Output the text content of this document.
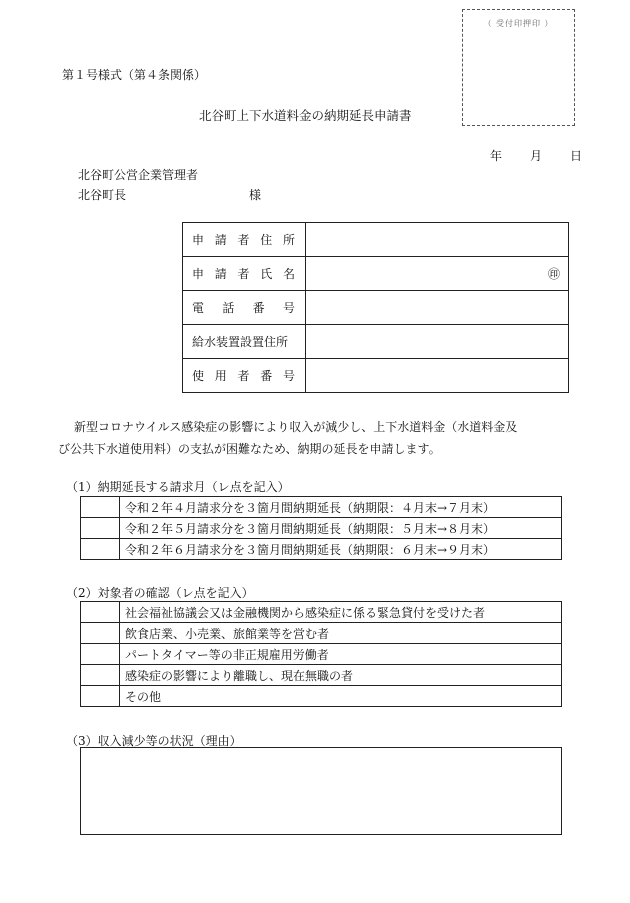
（ 受付印押印 ）
第１号様式（第４条関係）
北谷町上下水道料金の納期延長申請書
年 月 日
北谷町公営企業管理者
北谷町長	様
申 請 者 住 所	

申 請 者 氏 名	㊞

電 話 番 号	

給水装置設置住所	

使 用 者 番 号	

　新型コロナウイルス感染症の影響により収入が減少し、上下水道料金（水道料金及

び公共下水道使用料）の支払が困難なため、納期の延長を申請します。

（1）納期延長する請求月（レ点を記入）
	令和２年４月請求分を３箇月間納期延長（納期限：４月末→７月末）
	令和２年５月請求分を３箇月間納期延長（納期限：５月末→８月末）
	令和２年６月請求分を３箇月間納期延長（納期限：６月末→９月末）
（2）対象者の確認（レ点を記入）
	社会福祉協議会又は金融機関から感染症に係る緊急貸付を受けた者
	飲食店業、小売業、旅館業等を営む者
	パートタイマー等の非正規雇用労働者
	感染症の影響により離職し、現在無職の者
	その他
（3）収入減少等の状況（理由）
